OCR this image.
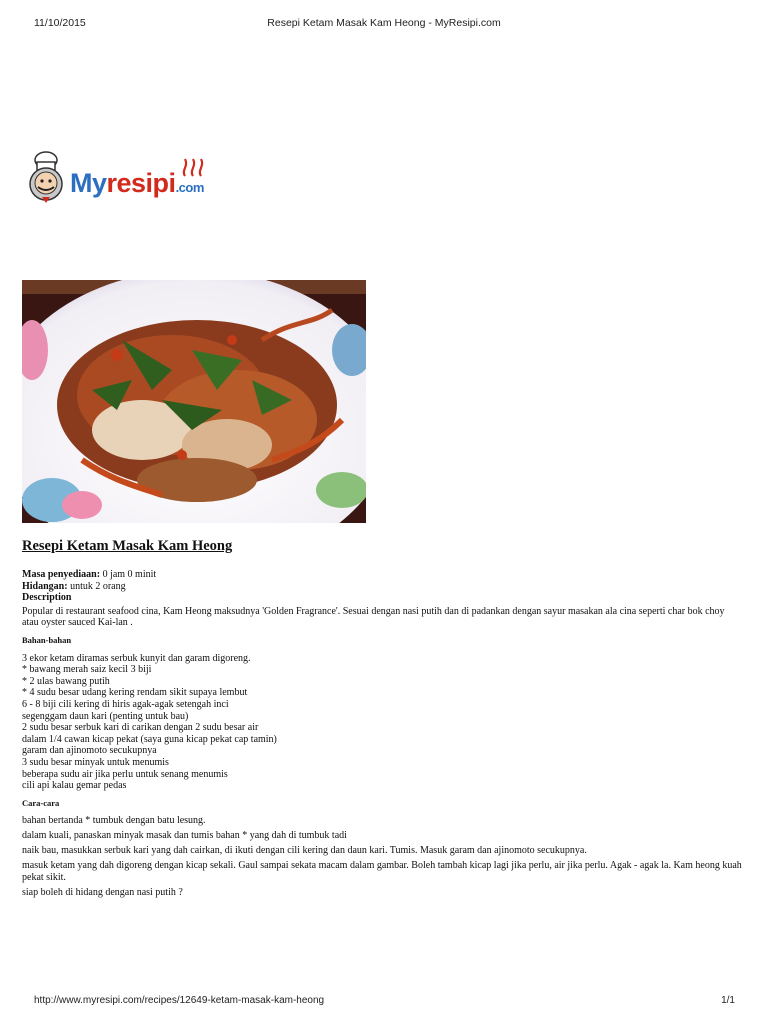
11/10/2015	Resepi Ketam Masak Kam Heong - MyResipi.com
Myresipi.com
Resepi Ketam Masak Kam Heong

Masa penyediaan: 0 jam 0 minit

Hidangan: untuk 2 orang

Description

Popular di restaurant seafood cina, Kam Heong maksudnya 'Golden Fragrance'. Sesuai dengan nasi putih dan di padankan dengan sayur masakan ala cina seperti char bok choy atau oyster sauced Kai-lan .

Bahan-bahan

3 ekor ketam diramas serbuk kunyit dan garam digoreng.

* bawang merah saiz kecil 3 biji

* 2 ulas bawang putih

* 4 sudu besar udang kering rendam sikit supaya lembut

6 - 8 biji cili kering di hiris agak-agak setengah inci

segenggam daun kari (penting untuk bau)

2 sudu besar serbuk kari di carikan dengan 2 sudu besar air

dalam 1/4 cawan kicap pekat (saya guna kicap pekat cap tamin)

garam dan ajinomoto secukupnya

3 sudu besar minyak untuk menumis

beberapa sudu air jika perlu untuk senang menumis

cili api kalau gemar pedas

Cara-cara

bahan bertanda * tumbuk dengan batu lesung.

dalam kuali, panaskan minyak masak dan tumis bahan * yang dah di tumbuk tadi

naik bau, masukkan serbuk kari yang dah cairkan, di ikuti dengan cili kering dan daun kari. Tumis. Masuk garam dan ajinomoto secukupnya.

masuk ketam yang dah digoreng dengan kicap sekali. Gaul sampai sekata macam dalam gambar. Boleh tambah kicap lagi jika perlu, air jika perlu. Agak - agak la. Kam heong kuah pekat sikit.

siap boleh di hidang dengan nasi putih ?

http://www.myresipi.com/recipes/12649-ketam-masak-kam-heong	1/1
